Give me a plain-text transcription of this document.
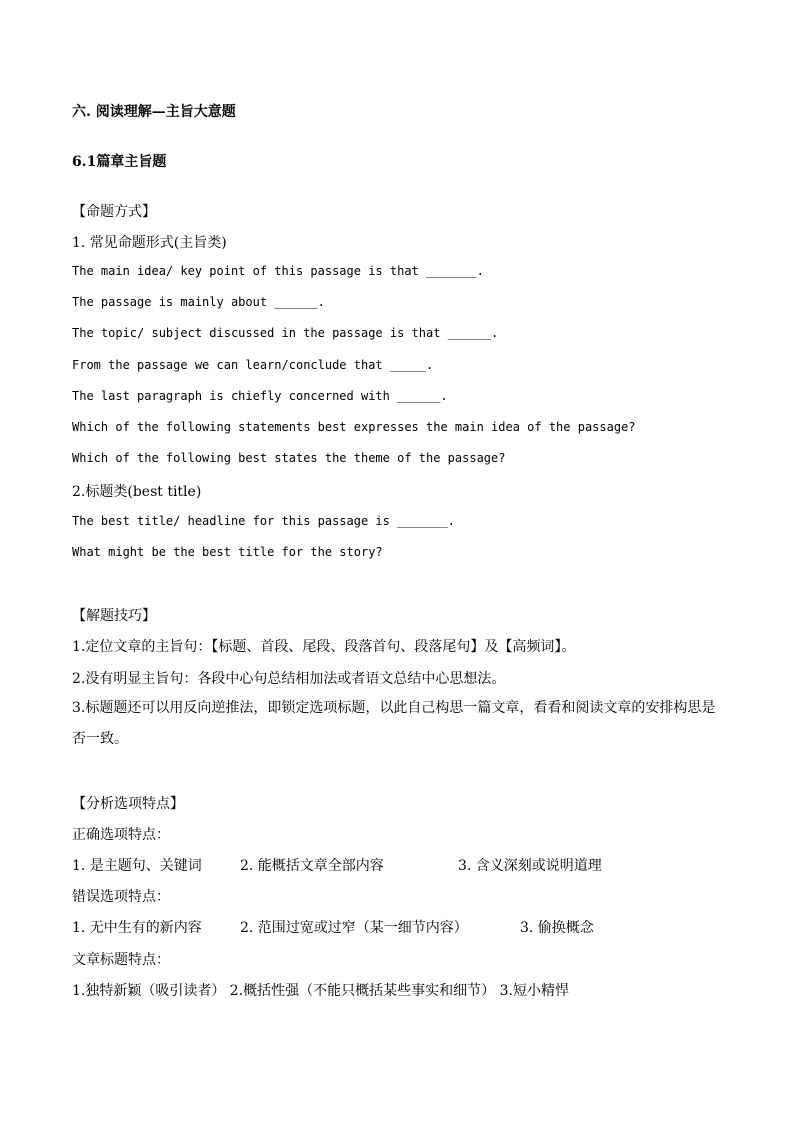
六. 阅读理解—主旨大意题
6.1篇章主旨题
【命题方式】
1. 常见命题形式(主旨类)
The main idea/ key point of this passage is that _______.
The passage is mainly about ______.
The topic/ subject discussed in the passage is that ______.
From the passage we can learn/conclude that _____.
The last paragraph is chiefly concerned with ______.
Which of the following statements best expresses the main idea of the passage?
Which of the following best states the theme of the passage?
2.标题类(best title)
The best title/ headline for this passage is _______.
What might be the best title for the story?
【解题技巧】
1.定位文章的主旨句：【标题、首段、尾段、段落首句、段落尾句】及【高频词】。
2.没有明显主旨句：各段中心句总结相加法或者语文总结中心思想法。
3.标题题还可以用反向逆推法，即锁定选项标题，以此自己构思一篇文章，看看和阅读文章的安排构思是否一致。
【分析选项特点】
正确选项特点：
1. 是主题句、关键词	2. 能概括文章全部内容	3. 含义深刻或说明道理
错误选项特点：
1. 无中生有的新内容	2. 范围过宽或过窄（某一细节内容）	3. 偷换概念
文章标题特点：
1.独特新颖（吸引读者） 2.概括性强（不能只概括某些事实和细节） 3.短小精悍
